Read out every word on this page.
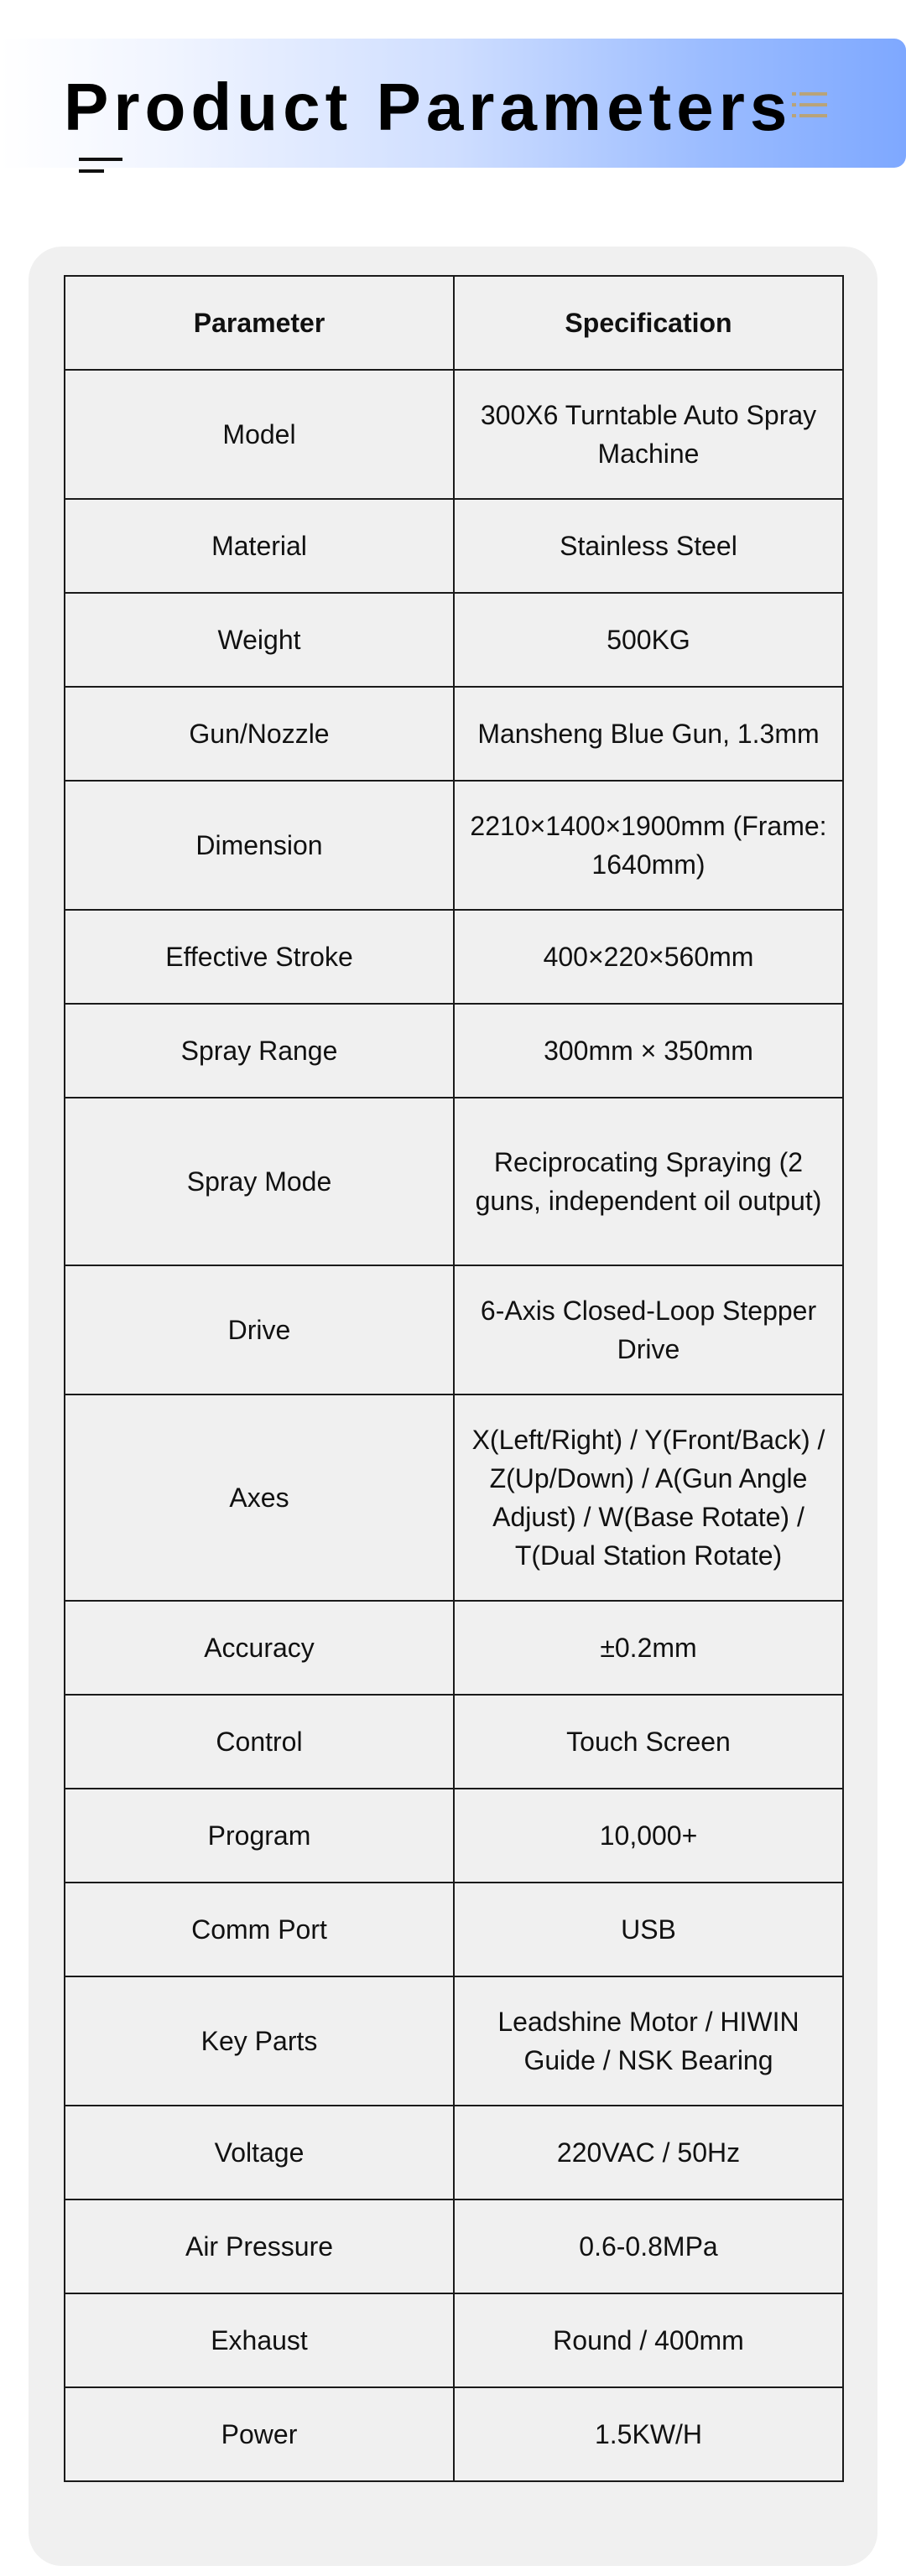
Product Parameters
Parameter	Specification
Model	300X6 Turntable Auto Spray Machine
Material	Stainless Steel
Weight	500KG
Gun/Nozzle	Mansheng Blue Gun, 1.3mm
Dimension	2210×1400×1900mm (Frame: 1640mm)
Effective Stroke	400×220×560mm
Spray Range	300mm × 350mm
Spray Mode	Reciprocating Spraying (2 guns, independent oil output)
Drive	6-Axis Closed-Loop Stepper Drive
Axes	X(Left/Right) / Y(Front/Back) / Z(Up/Down) / A(Gun Angle Adjust) / W(Base Rotate) / T(Dual Station Rotate)
Accuracy	±0.2mm
Control	Touch Screen
Program	10,000+
Comm Port	USB
Key Parts	Leadshine Motor / HIWIN Guide / NSK Bearing
Voltage	220VAC / 50Hz
Air Pressure	0.6-0.8MPa
Exhaust	Round / 400mm
Power	1.5KW/H
